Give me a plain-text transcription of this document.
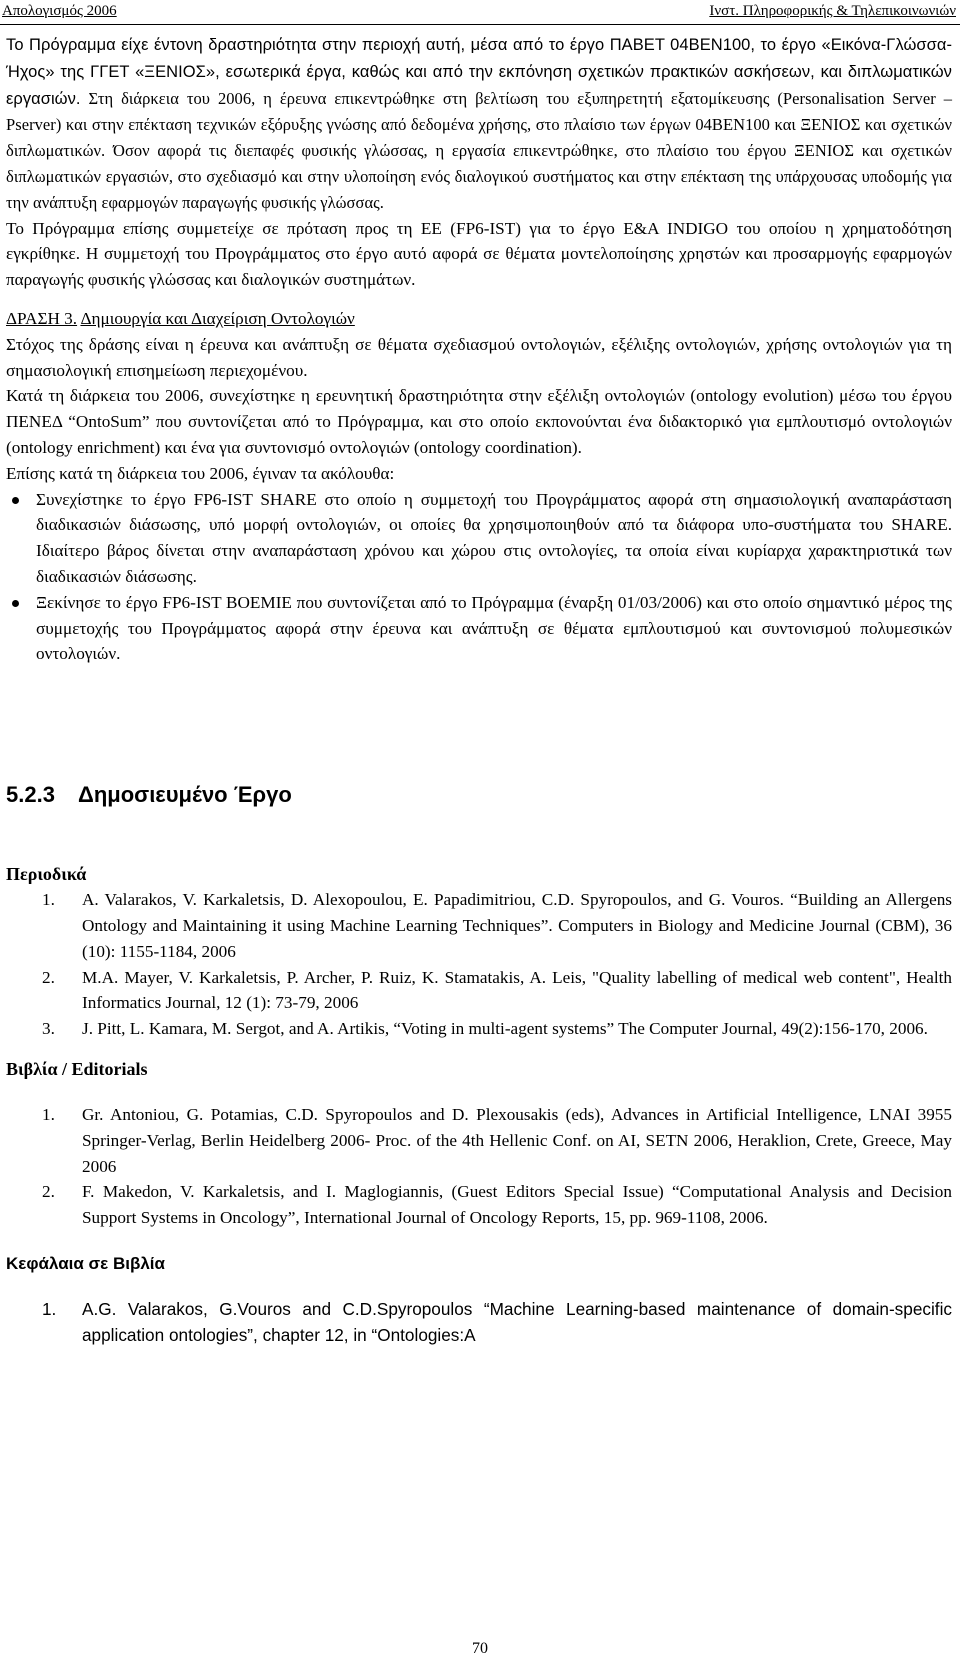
Απολογισμός 2006	Ινστ. Πληροφορικής & Τηλεπικοινωνιών

Το Πρόγραμμα είχε έντονη δραστηριότητα στην περιοχή αυτή, μέσα από το έργο ΠΑΒΕΤ 04ΒΕΝ100, το έργο «Εικόνα-Γλώσσα-Ήχος» της ΓΓΕΤ «ΞΕΝΙΟΣ», εσωτερικά έργα, καθώς και από την εκπόνηση σχετικών πρακτικών ασκήσεων, και διπλωματικών εργασιών. Στη διάρκεια του 2006, η έρευνα επικεντρώθηκε στη βελτίωση του εξυπηρετητή εξατομίκευσης (Personalisation Server – Pserver) και στην επέκταση τεχνικών εξόρυξης γνώσης από δεδομένα χρήσης, στο πλαίσιο των έργων 04ΒΕΝ100 και ΞΕΝΙΟΣ και σχετικών διπλωματικών. Όσον αφορά τις διεπαφές φυσικής γλώσσας, η εργασία επικεντρώθηκε, στο πλαίσιο του έργου ΞΕΝΙΟΣ και σχετικών διπλωματικών εργασιών, στο σχεδιασμό και στην υλοποίηση ενός διαλογικού συστήματος και στην επέκταση της υπάρχουσας υποδομής για την ανάπτυξη εφαρμογών παραγωγής φυσικής γλώσσας.

Το Πρόγραμμα επίσης συμμετείχε σε πρόταση προς τη ΕΕ (FP6-IST) για το έργο E&A INDIGO του οποίου η χρηματοδότηση εγκρίθηκε. Η συμμετοχή του Προγράμματος στο έργο αυτό αφορά σε θέματα μοντελοποίησης χρηστών και προσαρμογής εφαρμογών παραγωγής φυσικής γλώσσας και διαλογικών συστημάτων.

ΔΡΑΣΗ 3. Δημιουργία και Διαχείριση Οντολογιών

Στόχος της δράσης είναι η έρευνα και ανάπτυξη σε θέματα σχεδιασμού οντολογιών, εξέλιξης οντολογιών, χρήσης οντολογιών για τη σημασιολογική επισημείωση περιεχομένου.

Κατά τη διάρκεια του 2006, συνεχίστηκε η ερευνητική δραστηριότητα στην εξέλιξη οντολογιών (ontology evolution) μέσω του έργου ΠΕΝΕΔ “OntoSum” που συντονίζεται από το Πρόγραμμα, και στο οποίο εκπονούνται ένα διδακτορικό για εμπλουτισμό οντολογιών (ontology enrichment) και ένα για συντονισμό οντολογιών (ontology coordination).

Επίσης κατά τη διάρκεια του 2006, έγιναν τα ακόλουθα:

Συνεχίστηκε το έργο FP6-IST SHARE στο οποίο η συμμετοχή του Προγράμματος αφορά στη σημασιολογική αναπαράσταση διαδικασιών διάσωσης, υπό μορφή οντολογιών, οι οποίες θα χρησιμοποιηθούν από τα διάφορα υπο-συστήματα του SHARE. Ιδιαίτερο βάρος δίνεται στην αναπαράσταση χρόνου και χώρου στις οντολογίες, τα οποία είναι κυρίαρχα χαρακτηριστικά των διαδικασιών διάσωσης.
Ξεκίνησε το έργο FP6-IST BOEMIE που συντονίζεται από το Πρόγραμμα (έναρξη 01/03/2006) και στο οποίο σημαντικό μέρος της συμμετοχής του Προγράμματος αφορά στην έρευνα και ανάπτυξη σε θέματα εμπλουτισμού και συντονισμού πολυμεσικών οντολογιών.
5.2.3 Δημοσιευμένο Έργο
Περιοδικά
1. A. Valarakos, V. Karkaletsis, D. Alexopoulou, E. Papadimitriou, C.D. Spyropoulos, and G. Vouros. “Building an Allergens Ontology and Maintaining it using Machine Learning Techniques”. Computers in Biology and Medicine Journal (CBM), 36 (10): 1155-1184, 2006
2. M.A. Mayer, V. Karkaletsis, P. Archer, P. Ruiz, K. Stamatakis, A. Leis, "Quality labelling of medical web content", Health Informatics Journal, 12 (1): 73-79, 2006
3. J. Pitt, L. Kamara, M. Sergot, and A. Artikis, “Voting in multi-agent systems” The Computer Journal, 49(2):156-170, 2006.
Βιβλία / Editorials
1. Gr. Antoniou, G. Potamias, C.D. Spyropoulos and D. Plexousakis (eds), Advances in Artificial Intelligence, LNAI 3955 Springer-Verlag, Berlin Heidelberg 2006- Proc. of the 4th Hellenic Conf. on AI, SETN 2006, Heraklion, Crete, Greece, May 2006
2. F. Makedon, V. Karkaletsis, and I. Maglogiannis, (Guest Editors Special Issue) “Computational Analysis and Decision Support Systems in Oncology”, International Journal of Oncology Reports, 15, pp. 969-1108, 2006.
Κεφάλαια σε Βιβλία
1. A.G. Valarakos, G.Vouros and C.D.Spyropoulos “Machine Learning-based maintenance of domain-specific application ontologies”, chapter 12, in “Ontologies:A
70
